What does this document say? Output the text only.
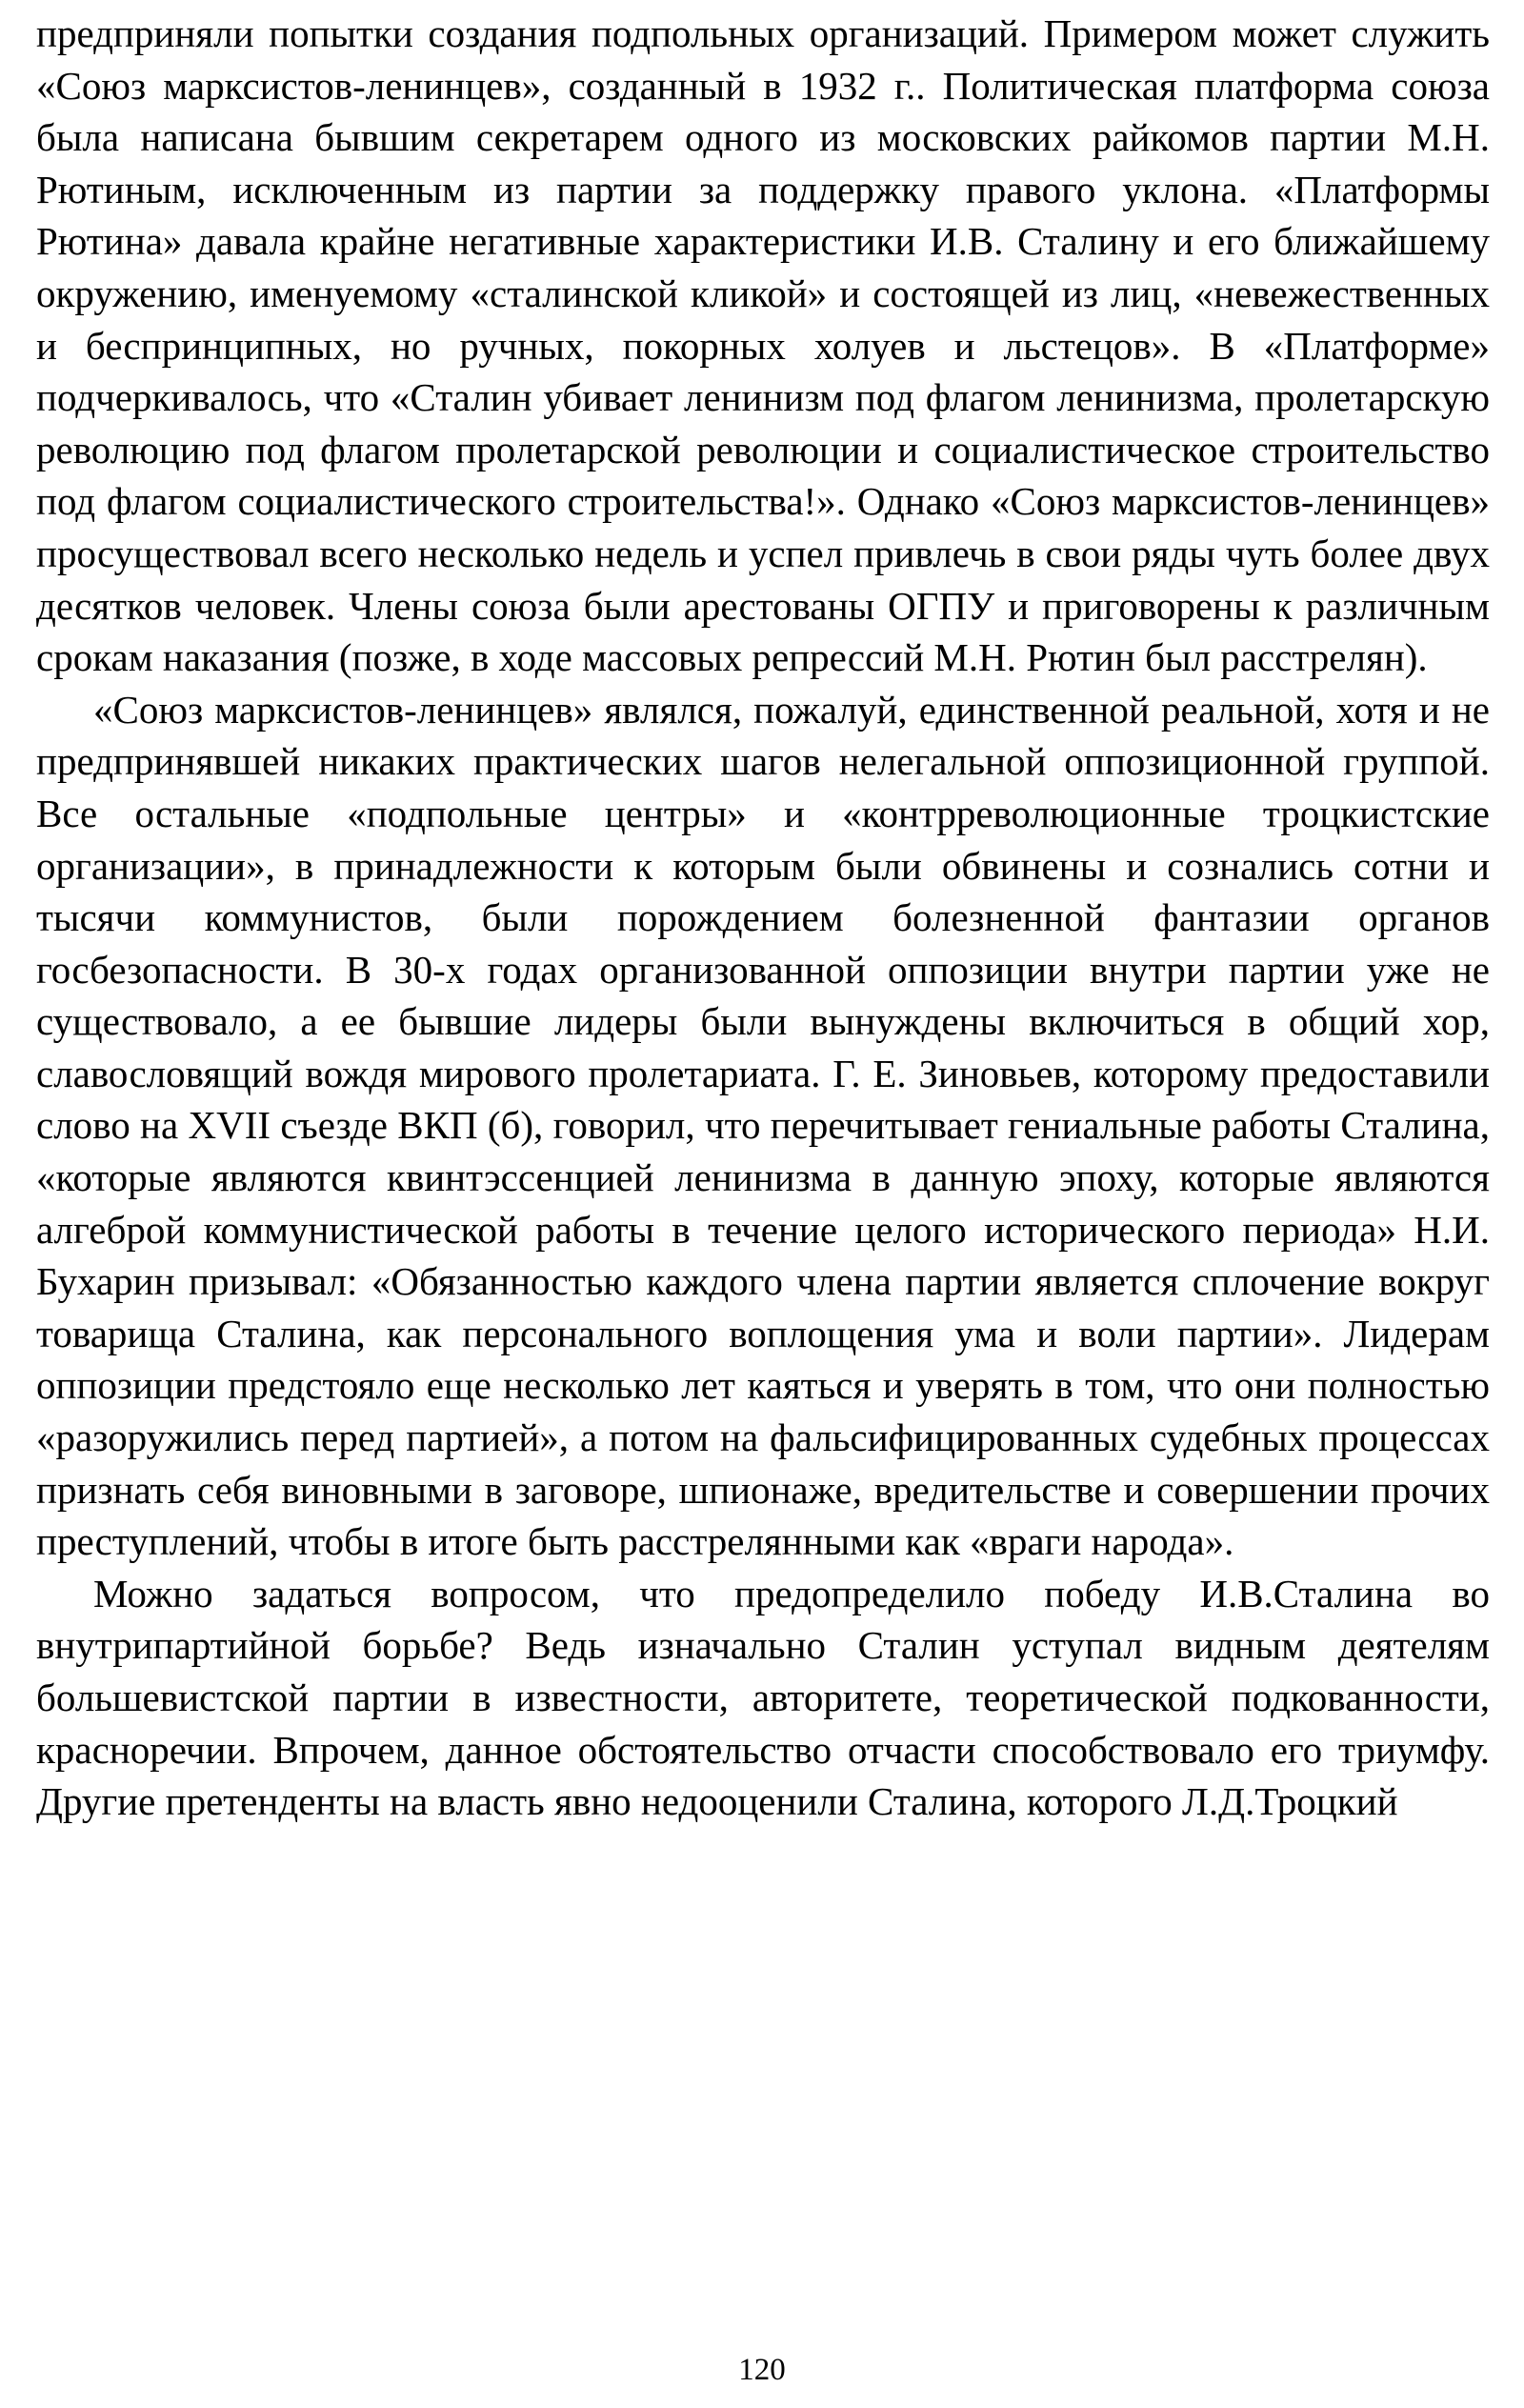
предприняли попытки создания подпольных организаций. Примером может служить «Союз марксистов-ленинцев», созданный в 1932 г.. Политическая платформа союза была написана бывшим секретарем одного из московских райкомов партии М.Н. Рютиным, исключенным из партии за поддержку правого уклона. «Платформы Рютина» давала крайне негативные характеристики И.В. Сталину и его ближайшему окружению, именуемому «сталинской кликой» и состоящей из лиц, «невежественных и беспринципных, но ручных, покорных холуев и льстецов». В «Платформе» подчеркивалось, что «Сталин убивает ленинизм под флагом ленинизма, пролетарскую революцию под флагом пролетарской революции и социалистическое строительство под флагом социалистического строительства!». Однако «Союз марксистов-ленинцев» просуществовал всего несколько недель и успел привлечь в свои ряды чуть более двух десятков человек. Члены союза были арестованы ОГПУ и приговорены к различным срокам наказания (позже, в ходе массовых репрессий М.Н. Рютин был расстрелян).

«Союз марксистов-ленинцев» являлся, пожалуй, единственной реальной, хотя и не предпринявшей никаких практических шагов нелегальной оппозиционной группой. Все остальные «подпольные центры» и «контрреволюционные троцкистские организации», в принадлежности к которым были обвинены и сознались сотни и тысячи коммунистов, были порождением болезненной фантазии органов госбезопасности. В 30-х годах организованной оппозиции внутри партии уже не существовало, а ее бывшие лидеры были вынуждены включиться в общий хор, славословящий вождя мирового пролетариата. Г. Е. Зиновьев, которому предоставили слово на XVII съезде ВКП (б), говорил, что перечитывает гениальные работы Сталина, «которые являются квинтэссенцией ленинизма в данную эпоху, которые являются алгеброй коммунистической работы в течение целого исторического периода» Н.И. Бухарин призывал: «Обязанностью каждого члена партии является сплочение вокруг товарища Сталина, как персонального воплощения ума и воли партии». Лидерам оппозиции предстояло еще несколько лет каяться и уверять в том, что они полностью «разоружились перед партией», а потом на фальсифицированных судебных процессах признать себя виновными в заговоре, шпионаже, вредительстве и совершении прочих преступлений, чтобы в итоге быть расстрелянными как «враги народа».

Можно задаться вопросом, что предопределило победу И.В.Сталина во внутрипартийной борьбе? Ведь изначально Сталин уступал видным деятелям большевистской партии в известности, авторитете, теоретической подкованности, красноречии. Впрочем, данное обстоятельство отчасти способствовало его триумфу. Другие претенденты на власть явно недооценили Сталина, которого Л.Д.Троцкий

120
